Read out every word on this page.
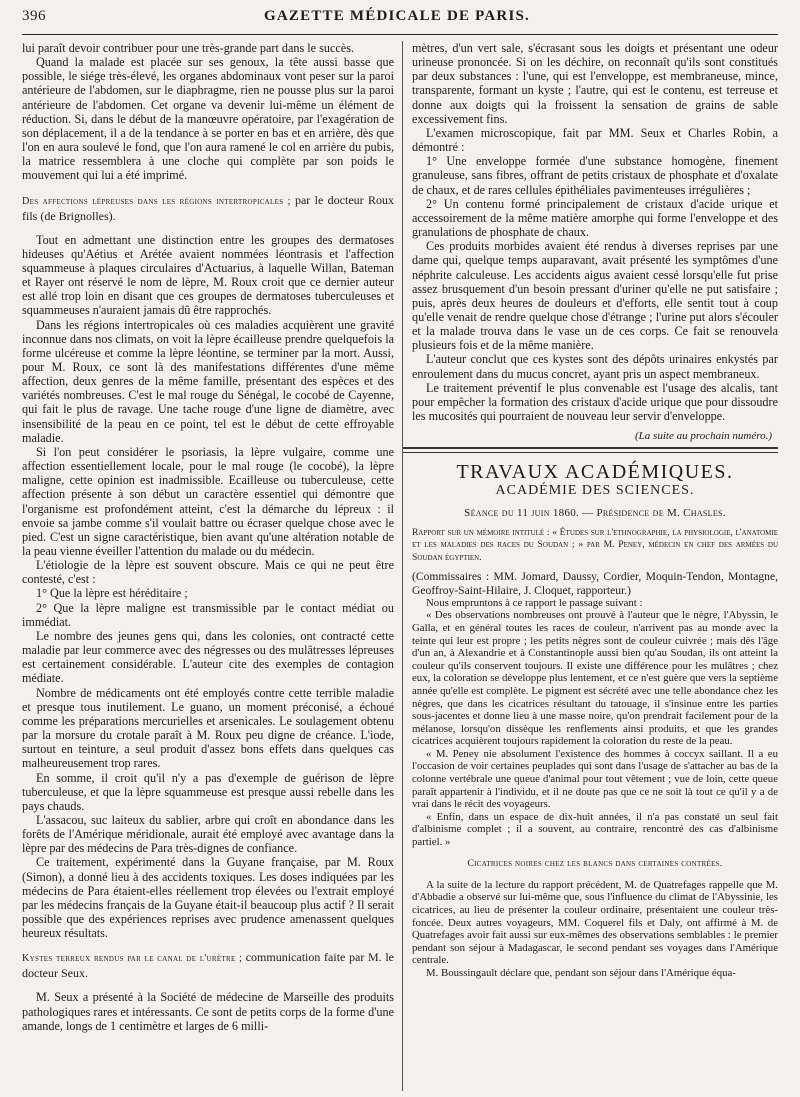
396	GAZETTE MÉDICALE DE PARIS.

lui paraît devoir contribuer pour une très-grande part dans le succès.

Quand la malade est placée sur ses genoux, la tête aussi basse que possible, le siége très-élevé, les organes abdominaux vont peser sur la paroi antérieure de l'abdomen, sur le diaphragme, rien ne pousse plus sur la paroi antérieure de l'abdomen. Cet organe va devenir lui-même un élément de réduction. Si, dans le début de la manœuvre opératoire, par l'exagération de son déplacement, il a de la tendance à se porter en bas et en arrière, dès que l'on en aura soulevé le fond, que l'on aura ramené le col en arrière du pubis, la matrice ressemblera à une cloche qui complète par son poids le mouvement qui lui a été imprimé.

Des affections lépreuses dans les régions intertropicales ; par le docteur Roux fils (de Brignolles).

Tout en admettant une distinction entre les groupes des dermatoses hideuses qu'Aétius et Arétée avaient nommées léontrasis et l'affection squammeuse à plaques circulaires d'Actuarius, à laquelle Willan, Bateman et Rayer ont réservé le nom de lèpre, M. Roux croit que ce dernier auteur est allé trop loin en disant que ces groupes de dermatoses tuberculeuses et squammeuses n'auraient jamais dû être rapprochés.

Dans les régions intertropicales où ces maladies acquièrent une gravité inconnue dans nos climats, on voit la lèpre écailleuse prendre quelquefois la forme ulcéreuse et comme la lèpre léontine, se terminer par la mort. Aussi, pour M. Roux, ce sont là des manifestations différentes d'une même affection, deux genres de la même famille, présentant des espèces et des variétés nombreuses. C'est le mal rouge du Sénégal, le cocobé de Cayenne, qui fait le plus de ravage. Une tache rouge d'une ligne de diamètre, avec insensibilité de la peau en ce point, tel est le début de cette effroyable maladie.

Si l'on peut considérer le psoriasis, la lèpre vulgaire, comme une affection essentiellement locale, pour le mal rouge (le cocobé), la lèpre maligne, cette opinion est inadmissible. Ecailleuse ou tuberculeuse, cette affection présente à son début un caractère essentiel qui démontre que l'organisme est profondément atteint, c'est la démarche du lépreux : il envoie sa jambe comme s'il voulait battre ou écraser quelque chose avec le pied. C'est un signe caractéristique, bien avant qu'une altération notable de la peau vienne éveiller l'attention du malade ou du médecin.

L'étiologie de la lèpre est souvent obscure. Mais ce qui ne peut être contesté, c'est :

1° Que la lèpre est héréditaire ;

2° Que la lèpre maligne est transmissible par le contact médiat ou immédiat.

Le nombre des jeunes gens qui, dans les colonies, ont contracté cette maladie par leur commerce avec des négresses ou des mulâtresses lépreuses est certainement considérable. L'auteur cite des exemples de contagion médiate.

Nombre de médicaments ont été employés contre cette terrible maladie et presque tous inutilement. Le guano, un moment préconisé, a échoué comme les préparations mercurielles et arsenicales. Le soulagement obtenu par la morsure du crotale paraît à M. Roux peu digne de créance. L'iode, surtout en teinture, a seul produit d'assez bons effets dans quelques cas malheureusement trop rares.

En somme, il croit qu'il n'y a pas d'exemple de guérison de lèpre tuberculeuse, et que la lèpre squammeuse est presque aussi rebelle dans les pays chauds.

L'assacou, suc laiteux du sablier, arbre qui croît en abondance dans les forêts de l'Amérique méridionale, aurait été employé avec avantage dans la lèpre par des médecins de Para très-dignes de confiance.

Ce traitement, expérimenté dans la Guyane française, par M. Roux (Simon), a donné lieu à des accidents toxiques. Les doses indiquées par les médecins de Para étaient-elles réellement trop élevées ou l'extrait employé par les médecins français de la Guyane était-il beaucoup plus actif ? Il serait possible que des expériences reprises avec prudence amenassent quelques heureux résultats.

Kystes terreux rendus par le canal de l'urètre ; communication faite par M. le docteur Seux.

M. Seux a présenté à la Société de médecine de Marseille des produits pathologiques rares et intéressants. Ce sont de petits corps de la forme d'une amande, longs de 1 centimètre et larges de 6 milli-

mètres, d'un vert sale, s'écrasant sous les doigts et présentant une odeur urineuse prononcée. Si on les déchire, on reconnaît qu'ils sont constitués par deux substances : l'une, qui est l'enveloppe, est membraneuse, mince, transparente, formant un kyste ; l'autre, qui est le contenu, est terreuse et donne aux doigts qui la froissent la sensation de grains de sable excessivement fins.

L'examen microscopique, fait par MM. Seux et Charles Robin, a démontré :

1° Une enveloppe formée d'une substance homogène, finement granuleuse, sans fibres, offrant de petits cristaux de phosphate et d'oxalate de chaux, et de rares cellules épithéliales pavimenteuses irrégulières ;

2° Un contenu formé principalement de cristaux d'acide urique et accessoirement de la même matière amorphe qui forme l'enveloppe et des granulations de phosphate de chaux.

Ces produits morbides avaient été rendus à diverses reprises par une dame qui, quelque temps auparavant, avait présenté les symptômes d'une néphrite calculeuse. Les accidents aigus avaient cessé lorsqu'elle fut prise assez brusquement d'un besoin pressant d'uriner qu'elle ne put satisfaire ; puis, après deux heures de douleurs et d'efforts, elle sentit tout à coup qu'elle venait de rendre quelque chose d'étrange ; l'urine put alors s'écouler et la malade trouva dans le vase un de ces corps. Ce fait se renouvela plusieurs fois et de la même manière.

L'auteur conclut que ces kystes sont des dépôts urinaires enkystés par enroulement dans du mucus concret, ayant pris un aspect membraneux.

Le traitement préventif le plus convenable est l'usage des alcalis, tant pour empêcher la formation des cristaux d'acide urique que pour dissoudre les mucosités qui pourraient de nouveau leur servir d'enveloppe.

(La suite au prochain numéro.)
TRAVAUX ACADÉMIQUES.
ACADÉMIE DES SCIENCES.
Séance du 11 juin 1860. — Présidence de M. Chasles.
Rapport sur un mémoire intitulé : « Études sur l'ethnographie, la physiologie, l'anatomie et les maladies des races du Soudan ; » par M. Peney, médecin en chef des armées du Soudan égyptien.

(Commissaires : MM. Jomard, Daussy, Cordier, Moquin-Tendon, Montagne, Geoffroy-Saint-Hilaire, J. Cloquet, rapporteur.)

Nous empruntons à ce rapport le passage suivant :

« Des observations nombreuses ont prouvé à l'auteur que le nègre, l'Abyssin, le Galla, et en général toutes les races de couleur, n'arrivent pas au monde avec la teinte qui leur est propre ; les petits nègres sont de couleur cuivrée ; mais dès l'âge d'un an, à Alexandrie et à Constantinople aussi bien qu'au Soudan, ils ont atteint la couleur qu'ils conservent toujours. Il existe une différence pour les mulâtres ; chez eux, la coloration se développe plus lentement, et ce n'est guère que vers la septième année qu'elle est complète. Le pigment est sécrété avec une telle abondance chez les nègres, que dans les cicatrices résultant du tatouage, il s'insinue entre les parties sous-jacentes et donne lieu à une masse noire, qu'on prendrait facilement pour de la mélanose, lorsqu'on dissèque les renflements ainsi produits, et que les grandes cicatrices acquièrent toujours rapidement la coloration du reste de la peau.

« M. Peney nie absolument l'existence des hommes à coccyx saillant. Il a eu l'occasion de voir certaines peuplades qui sont dans l'usage de s'attacher au bas de la colonne vertébrale une queue d'animal pour tout vêtement ; vue de loin, cette queue paraît appartenir à l'individu, et il ne doute pas que ce ne soit là tout ce qu'il y a de vrai dans le récit des voyageurs.

« Enfin, dans un espace de dix-huit années, il n'a pas constaté un seul fait d'albinisme complet ; il a souvent, au contraire, rencontré des cas d'albinisme partiel. »

Cicatrices noires chez les blancs dans certaines contrées.

A la suite de la lecture du rapport précédent, M. de Quatrefages rappelle que M. d'Abbadie a observé sur lui-même que, sous l'influence du climat de l'Abyssinie, les cicatrices, au lieu de présenter la couleur ordinaire, présentaient une couleur très-foncée. Deux autres voyageurs, MM. Coquerel fils et Daly, ont affirmé à M. de Quatrefages avoir fait aussi sur eux-mêmes des observations semblables : le premier pendant son séjour à Madagascar, le second pendant ses voyages dans l'Amérique centrale.

M. Boussingault déclare que, pendant son séjour dans l'Amérique équa-
